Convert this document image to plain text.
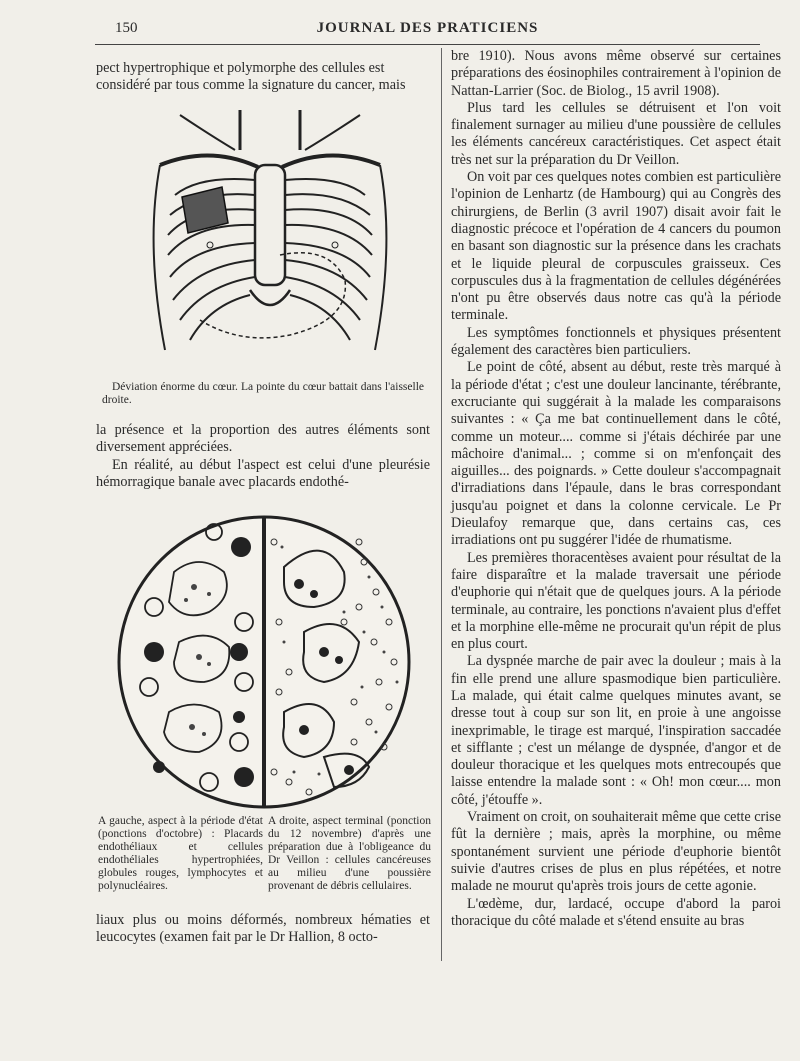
150	JOURNAL DES PRATICIENS

pect hypertrophique et polymorphe des cellules est

considéré par tous comme la signature du cancer, mais

Déviation énorme du cœur. La pointe du cœur battait dans l'aisselle droite.

la présence et la proportion des autres éléments sont diversement appréciées.

En réalité, au début l'aspect est celui d'une pleurésie hémorragique banale avec placards endothé-

A gauche, aspect à la période d'état (ponctions d'octobre) : Placards endothéliaux et cellules endothéliales hypertrophiées, globules rouges, lymphocytes et polynucléaires.
A droite, aspect terminal (ponction du 12 novembre) d'après une préparation due à l'obligeance du Dr Veillon : cellules cancéreuses au milieu d'une poussière provenant de débris cellulaires.

liaux plus ou moins déformés, nombreux hématies et leucocytes (examen fait par le Dr Hallion, 8 octo-

bre 1910). Nous avons même observé sur certaines préparations des éosinophiles contrairement à l'opinion de Nattan-Larrier (Soc. de Biolog., 15 avril 1908).

Plus tard les cellules se détruisent et l'on voit finalement surnager au milieu d'une poussière de cellules les éléments cancéreux caractéristiques. Cet aspect était très net sur la préparation du Dr Veillon.

On voit par ces quelques notes combien est particulière l'opinion de Lenhartz (de Hambourg) qui au Congrès des chirurgiens, de Berlin (3 avril 1907) disait avoir fait le diagnostic précoce et l'opération de 4 cancers du poumon en basant son diagnostic sur la présence dans les crachats et le liquide pleural de corpuscules graisseux. Ces corpuscules dus à la fragmentation de cellules dégénérées n'ont pu être observés daus notre cas qu'à la période terminale.

Les symptômes fonctionnels et physiques présentent également des caractères bien particuliers.

Le point de côté, absent au début, reste très marqué à la période d'état ; c'est une douleur lancinante, térébrante, excruciante qui suggérait à la malade les comparaisons suivantes : « Ça me bat continuellement dans le côté, comme un moteur.... comme si j'étais déchirée par une mâchoire d'animal... ; comme si on m'enfonçait des aiguilles... des poignards. » Cette douleur s'accompagnait d'irradiations dans l'épaule, dans le bras correspondant jusqu'au poignet et dans la colonne cervicale. Le Pr Dieulafoy remarque que, dans certains cas, ces irradiations ont pu suggérer l'idée de rhumatisme.

Les premières thoracentèses avaient pour résultat de la faire disparaître et la malade traversait une période d'euphorie qui n'était que de quelques jours. A la période terminale, au contraire, les ponctions n'avaient plus d'effet et la morphine elle-même ne procurait qu'un répit de plus en plus court.

La dyspnée marche de pair avec la douleur ; mais à la fin elle prend une allure spasmodique bien particulière. La malade, qui était calme quelques minutes avant, se dresse tout à coup sur son lit, en proie à une angoisse inexprimable, le tirage est marqué, l'inspiration saccadée et sifflante ; c'est un mélange de dyspnée, d'angor et de douleur thoracique et les quelques mots entrecoupés que laisse entendre la malade sont : « Oh! mon cœur.... mon côté, j'étouffe ».

Vraiment on croit, on souhaiterait même que cette crise fût la dernière ; mais, après la morphine, ou même spontanément survient une période d'euphorie bientôt suivie d'autres crises de plus en plus répétées, et notre malade ne mourut qu'après trois jours de cette agonie.

L'œdème, dur, lardacé, occupe d'abord la paroi thoracique du côté malade et s'étend ensuite au bras
